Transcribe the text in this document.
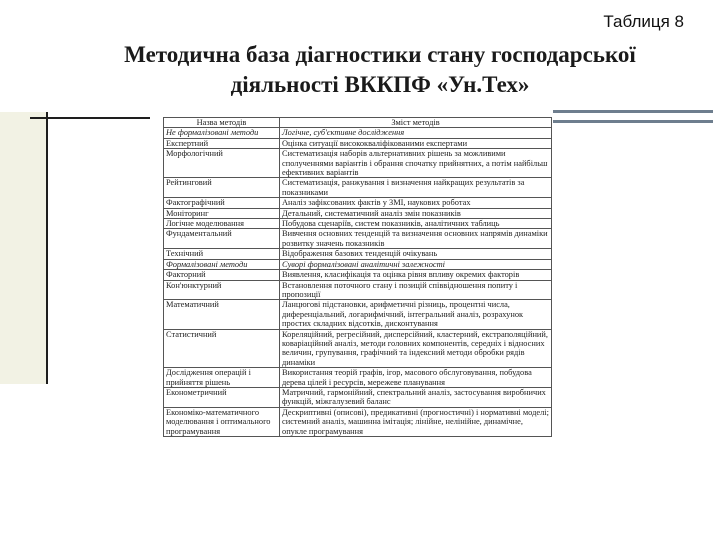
Таблиця 8
Методична база діагностики стану господарської
діяльності ВККПФ «Ун.Тех»
Назва методів	Зміст методів
Не формалізовані методи	Логічне, суб'єктивне дослідження
Експертний	Оцінка ситуації висококваліфікованими експертами
Морфологічний	Систематизація наборів альтернативних рішень за можливими сполученнями варіантів і обрання спочатку прийнятних, а потім найбільш ефективних варіантів
Рейтинговий	Систематизація, ранжування і визначення найкращих результатів за показниками
Фактографічний	Аналіз зафіксованих фактів у ЗМІ, наукових роботах
Моніторинг	Детальний, систематичний аналіз змін показників
Логічне моделювання	Побудова сценаріїв, систем показників, аналітичних таблиць
Фундаментальний	Вивчення основних тенденцій та визначення основних напрямів динаміки розвитку значень показників
Технічний	Відображення базових тенденцій очікувань
Формалізовані методи	Суворі формалізовані аналітичні залежності
Факторний	Виявлення, класифікація та оцінка рівня впливу окремих факторів
Кон'юнктурний	Встановлення поточного стану і позицій співвідношення попиту і пропозиції
Математичний	Ланцюгові підстановки, арифметичні різниць, процентні числа, диференціальний, логарифмічний, інтегральний аналіз, розрахунок простих складних відсотків, дисконтування
Статистичний	Кореляційний, регресійний, дисперсійний, кластерний, екстраполяційний, коваріаційний аналіз, методи головних компонентів, середніх і відносних величин, групування, графічний та індексний методи обробки рядів динаміки
Дослідження операцій і прийняття рішень	Використання теорій графів, ігор, масового обслуговування, побудова дерева цілей і ресурсів, мережеве планування
Економетричний	Матричний, гармонійний, спектральний аналіз, застосування виробничих функцій, міжгалузевий баланс
Економіко-математичного моделювання і оптимального програмування	Дескриптивні (описові), предикативні (прогностичні) і нормативні моделі; системний аналіз, машинна імітація; лінійне, нелінійне, динамічне, опукле програмування
